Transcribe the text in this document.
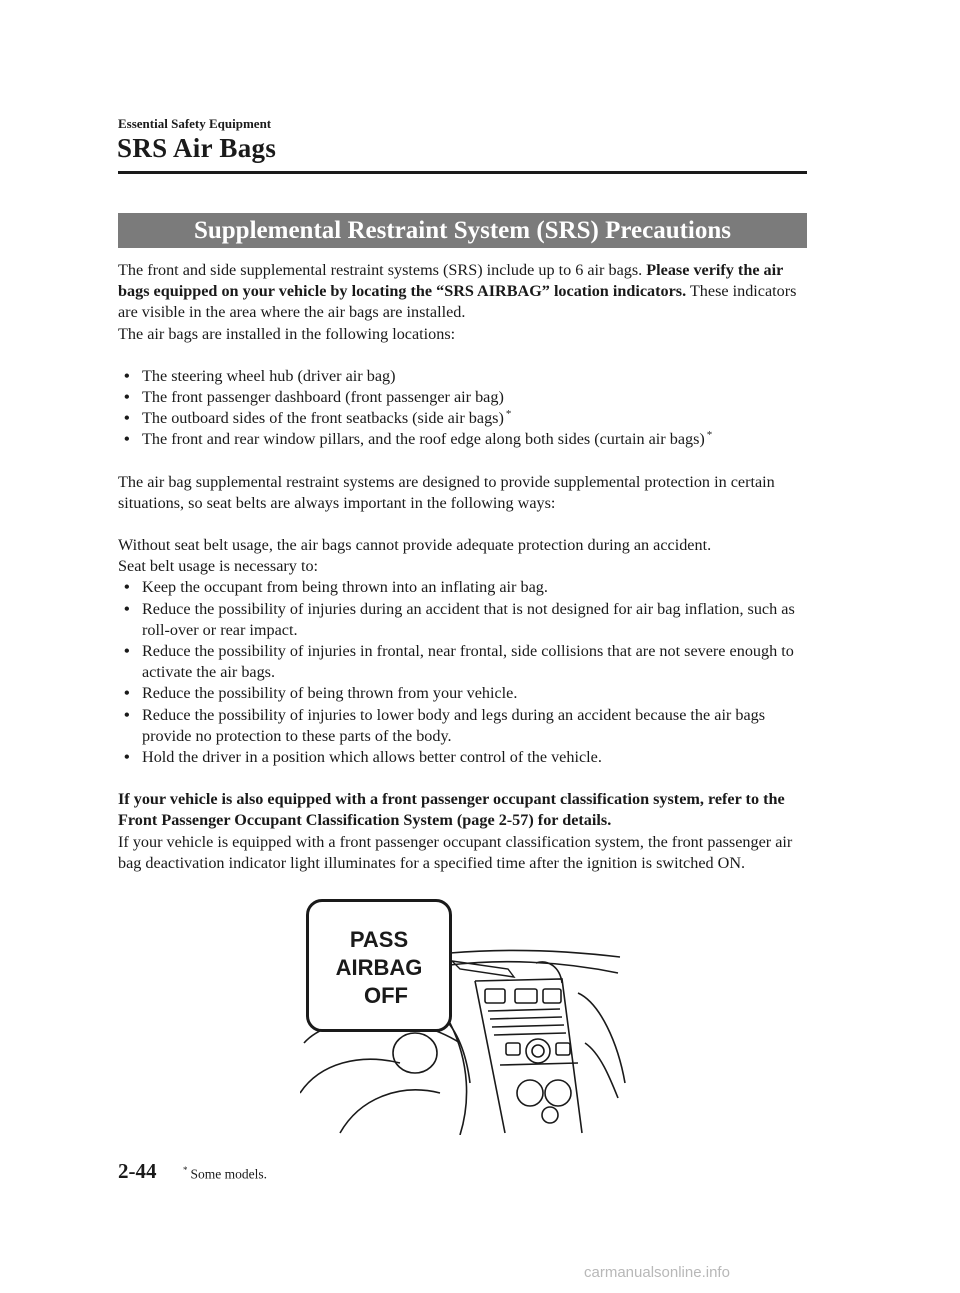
Essential Safety Equipment
SRS Air Bags
Supplemental Restraint System (SRS) Precautions

The front and side supplemental restraint systems (SRS) include up to 6 air bags. Please verify the air bags equipped on your vehicle by locating the “SRS AIRBAG” location indicators. These indicators are visible in the area where the air bags are installed.
The air bags are installed in the following locations:

• The steering wheel hub (driver air bag)
• The front passenger dashboard (front passenger air bag)
• The outboard sides of the front seatbacks (side air bags) *
• The front and rear window pillars, and the roof edge along both sides (curtain air bags) *

The air bag supplemental restraint systems are designed to provide supplemental protection in certain situations, so seat belts are always important in the following ways:

Without seat belt usage, the air bags cannot provide adequate protection during an accident.
Seat belt usage is necessary to:

• Keep the occupant from being thrown into an inflating air bag.
• Reduce the possibility of injuries during an accident that is not designed for air bag inflation, such as roll-over or rear impact.
• Reduce the possibility of injuries in frontal, near frontal, side collisions that are not severe enough to activate the air bags.
• Reduce the possibility of being thrown from your vehicle.
• Reduce the possibility of injuries to lower body and legs during an accident because the air bags provide no protection to these parts of the body.
• Hold the driver in a position which allows better control of the vehicle.

If your vehicle is also equipped with a front passenger occupant classification system, refer to the Front Passenger Occupant Classification System (page 2-57) for details.
If your vehicle is equipped with a front passenger occupant classification system, the front passenger air bag deactivation indicator light illuminates for a specified time after the ignition is switched ON.

PASS
AIRBAG
OFF
2-44	* Some models.
carmanualsonline.info
